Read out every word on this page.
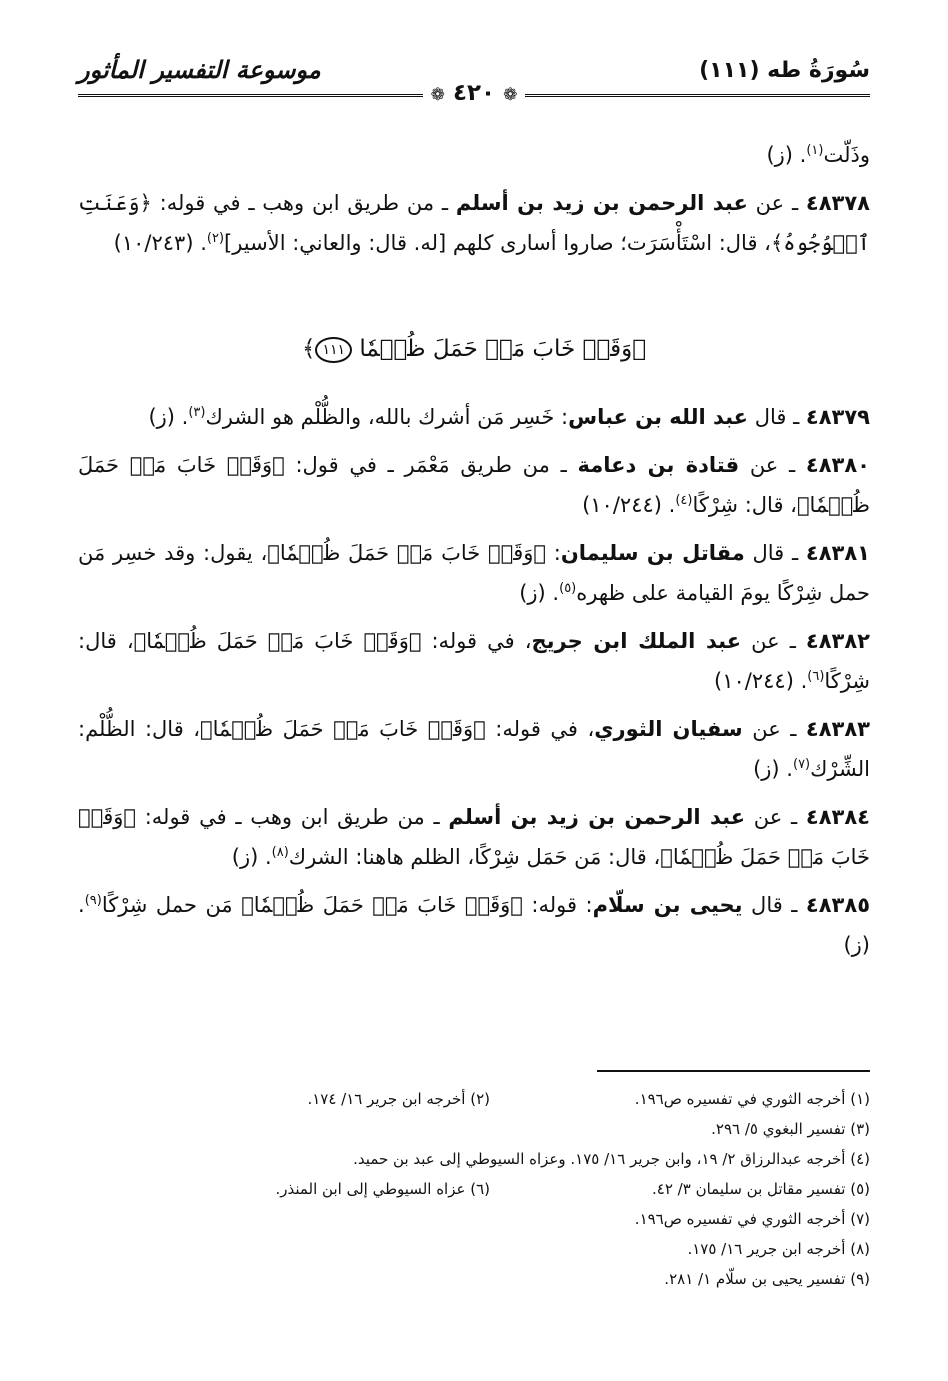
سُورَةُ طه (١١١)
موسوعة التفسير المأثور
❁ ٤٢٠ ❁

وذَلّت$^{(١)}$. (ز)

٤٨٣٧٨ ـ عن عبد الرحمن بن زيد بن أسلم ـ من طريق ابن وهب ـ في قوله: ﴿وَعَنَتِ ٱلۡوُجُوهُ﴾، قال: اسْتَأْسَرَت؛ صاروا أسارى كلهم [له. قال: والعاني: الأسير]$^{(٢)}$. (١٠/٢٤٣)

﴿وَقَدۡ خَابَ مَنۡ حَمَلَ ظُلۡمٗا ١١١﴾

٤٨٣٧٩ ـ قال عبد الله بن عباس: خَسِر مَن أشرك بالله، والظُّلْم هو الشرك$^{(٣)}$. (ز)

٤٨٣٨٠ ـ عن قتادة بن دعامة ـ من طريق مَعْمَر ـ في قول: ﴿وَقَدۡ خَابَ مَنۡ حَمَلَ ظُلۡمٗا﴾، قال: شِرْكًا$^{(٤)}$. (١٠/٢٤٤)

٤٨٣٨١ ـ قال مقاتل بن سليمان: ﴿وَقَدۡ خَابَ مَنۡ حَمَلَ ظُلۡمٗا﴾، يقول: وقد خسِر مَن حمل شِرْكًا يومَ القيامة على ظهره$^{(٥)}$. (ز)

٤٨٣٨٢ ـ عن عبد الملك ابن جريج، في قوله: ﴿وَقَدۡ خَابَ مَنۡ حَمَلَ ظُلۡمٗا﴾، قال: شِرْكًا$^{(٦)}$. (١٠/٢٤٤)

٤٨٣٨٣ ـ عن سفيان الثوري، في قوله: ﴿وَقَدۡ خَابَ مَنۡ حَمَلَ ظُلۡمٗا﴾، قال: الظُّلْم: الشِّرْك$^{(٧)}$. (ز)

٤٨٣٨٤ ـ عن عبد الرحمن بن زيد بن أسلم ـ من طريق ابن وهب ـ في قوله: ﴿وَقَدۡ خَابَ مَنۡ حَمَلَ ظُلۡمٗا﴾، قال: مَن حَمَل شِرْكًا، الظلم هاهنا: الشرك$^{(٨)}$. (ز)

٤٨٣٨٥ ـ قال يحيى بن سلّام: قوله: ﴿وَقَدۡ خَابَ مَنۡ حَمَلَ ظُلۡمٗا﴾ مَن حمل شِرْكًا$^{(٩)}$. (ز)

(١) أخرجه الثوري في تفسيره ص١٩٦.(٢) أخرجه ابن جرير ١٦/ ١٧٤.
(٣) تفسير البغوي ٥/ ٢٩٦.
(٤) أخرجه عبدالرزاق ٢/ ١٩، وابن جرير ١٦/ ١٧٥. وعزاه السيوطي إلى عبد بن حميد.
(٥) تفسير مقاتل بن سليمان ٣/ ٤٢.(٦) عزاه السيوطي إلى ابن المنذر.
(٧) أخرجه الثوري في تفسيره ص١٩٦.
(٨) أخرجه ابن جرير ١٦/ ١٧٥.
(٩) تفسير يحيى بن سلّام ١/ ٢٨١.
